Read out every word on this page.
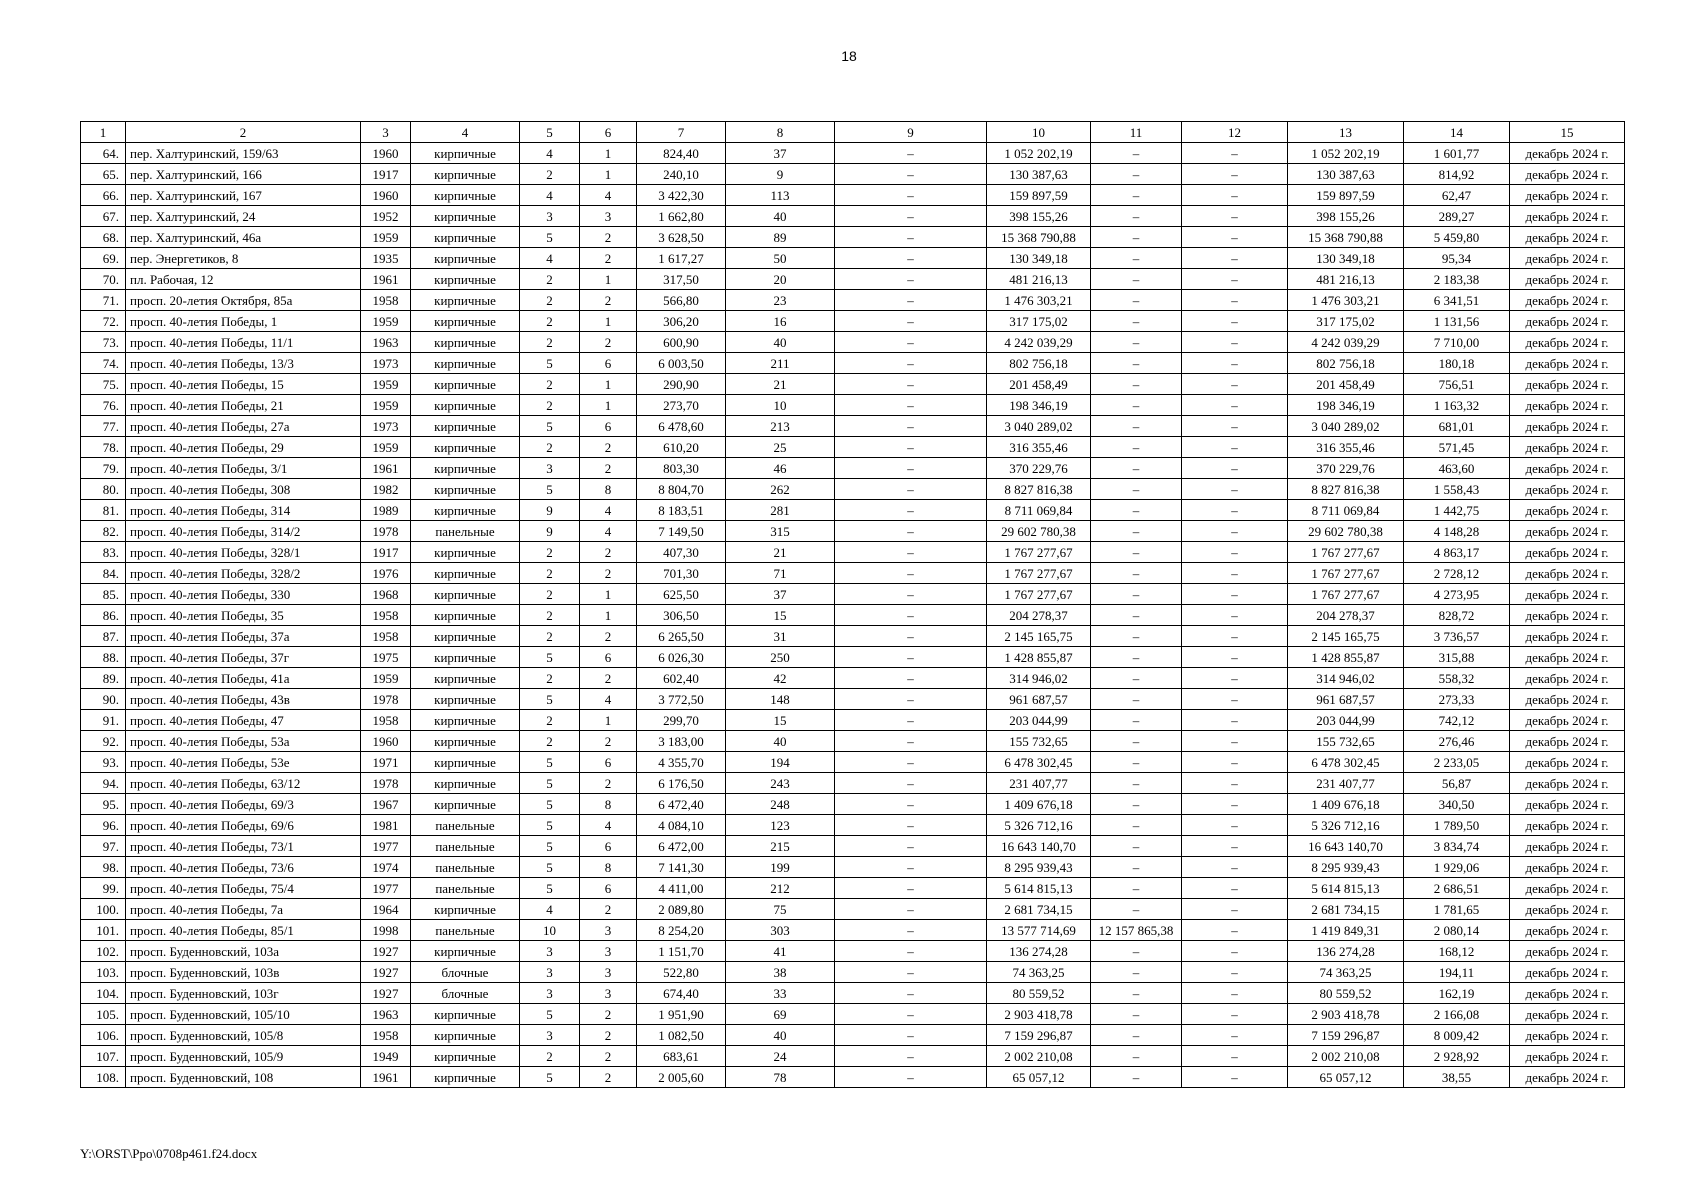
18
1	2	3	4	5	6	7	8	9	10	11	12	13	14	15
64.	пер. Халтуринский, 159/63	1960	кирпичные	4	1	824,40	37	–	1 052 202,19	–	–	1 052 202,19	1 601,77	декабрь 2024 г.
65.	пер. Халтуринский, 166	1917	кирпичные	2	1	240,10	9	–	130 387,63	–	–	130 387,63	814,92	декабрь 2024 г.
66.	пер. Халтуринский, 167	1960	кирпичные	4	4	3 422,30	113	–	159 897,59	–	–	159 897,59	62,47	декабрь 2024 г.
67.	пер. Халтуринский, 24	1952	кирпичные	3	3	1 662,80	40	–	398 155,26	–	–	398 155,26	289,27	декабрь 2024 г.
68.	пер. Халтуринский, 46а	1959	кирпичные	5	2	3 628,50	89	–	15 368 790,88	–	–	15 368 790,88	5 459,80	декабрь 2024 г.
69.	пер. Энергетиков, 8	1935	кирпичные	4	2	1 617,27	50	–	130 349,18	–	–	130 349,18	95,34	декабрь 2024 г.
70.	пл. Рабочая, 12	1961	кирпичные	2	1	317,50	20	–	481 216,13	–	–	481 216,13	2 183,38	декабрь 2024 г.
71.	просп. 20-летия Октября, 85а	1958	кирпичные	2	2	566,80	23	–	1 476 303,21	–	–	1 476 303,21	6 341,51	декабрь 2024 г.
72.	просп. 40-летия Победы, 1	1959	кирпичные	2	1	306,20	16	–	317 175,02	–	–	317 175,02	1 131,56	декабрь 2024 г.
73.	просп. 40-летия Победы, 11/1	1963	кирпичные	2	2	600,90	40	–	4 242 039,29	–	–	4 242 039,29	7 710,00	декабрь 2024 г.
74.	просп. 40-летия Победы, 13/3	1973	кирпичные	5	6	6 003,50	211	–	802 756,18	–	–	802 756,18	180,18	декабрь 2024 г.
75.	просп. 40-летия Победы, 15	1959	кирпичные	2	1	290,90	21	–	201 458,49	–	–	201 458,49	756,51	декабрь 2024 г.
76.	просп. 40-летия Победы, 21	1959	кирпичные	2	1	273,70	10	–	198 346,19	–	–	198 346,19	1 163,32	декабрь 2024 г.
77.	просп. 40-летия Победы, 27а	1973	кирпичные	5	6	6 478,60	213	–	3 040 289,02	–	–	3 040 289,02	681,01	декабрь 2024 г.
78.	просп. 40-летия Победы, 29	1959	кирпичные	2	2	610,20	25	–	316 355,46	–	–	316 355,46	571,45	декабрь 2024 г.
79.	просп. 40-летия Победы, 3/1	1961	кирпичные	3	2	803,30	46	–	370 229,76	–	–	370 229,76	463,60	декабрь 2024 г.
80.	просп. 40-летия Победы, 308	1982	кирпичные	5	8	8 804,70	262	–	8 827 816,38	–	–	8 827 816,38	1 558,43	декабрь 2024 г.
81.	просп. 40-летия Победы, 314	1989	кирпичные	9	4	8 183,51	281	–	8 711 069,84	–	–	8 711 069,84	1 442,75	декабрь 2024 г.
82.	просп. 40-летия Победы, 314/2	1978	панельные	9	4	7 149,50	315	–	29 602 780,38	–	–	29 602 780,38	4 148,28	декабрь 2024 г.
83.	просп. 40-летия Победы, 328/1	1917	кирпичные	2	2	407,30	21	–	1 767 277,67	–	–	1 767 277,67	4 863,17	декабрь 2024 г.
84.	просп. 40-летия Победы, 328/2	1976	кирпичные	2	2	701,30	71	–	1 767 277,67	–	–	1 767 277,67	2 728,12	декабрь 2024 г.
85.	просп. 40-летия Победы, 330	1968	кирпичные	2	1	625,50	37	–	1 767 277,67	–	–	1 767 277,67	4 273,95	декабрь 2024 г.
86.	просп. 40-летия Победы, 35	1958	кирпичные	2	1	306,50	15	–	204 278,37	–	–	204 278,37	828,72	декабрь 2024 г.
87.	просп. 40-летия Победы, 37а	1958	кирпичные	2	2	6 265,50	31	–	2 145 165,75	–	–	2 145 165,75	3 736,57	декабрь 2024 г.
88.	просп. 40-летия Победы, 37г	1975	кирпичные	5	6	6 026,30	250	–	1 428 855,87	–	–	1 428 855,87	315,88	декабрь 2024 г.
89.	просп. 40-летия Победы, 41а	1959	кирпичные	2	2	602,40	42	–	314 946,02	–	–	314 946,02	558,32	декабрь 2024 г.
90.	просп. 40-летия Победы, 43в	1978	кирпичные	5	4	3 772,50	148	–	961 687,57	–	–	961 687,57	273,33	декабрь 2024 г.
91.	просп. 40-летия Победы, 47	1958	кирпичные	2	1	299,70	15	–	203 044,99	–	–	203 044,99	742,12	декабрь 2024 г.
92.	просп. 40-летия Победы, 53а	1960	кирпичные	2	2	3 183,00	40	–	155 732,65	–	–	155 732,65	276,46	декабрь 2024 г.
93.	просп. 40-летия Победы, 53е	1971	кирпичные	5	6	4 355,70	194	–	6 478 302,45	–	–	6 478 302,45	2 233,05	декабрь 2024 г.
94.	просп. 40-летия Победы, 63/12	1978	кирпичные	5	2	6 176,50	243	–	231 407,77	–	–	231 407,77	56,87	декабрь 2024 г.
95.	просп. 40-летия Победы, 69/3	1967	кирпичные	5	8	6 472,40	248	–	1 409 676,18	–	–	1 409 676,18	340,50	декабрь 2024 г.
96.	просп. 40-летия Победы, 69/6	1981	панельные	5	4	4 084,10	123	–	5 326 712,16	–	–	5 326 712,16	1 789,50	декабрь 2024 г.
97.	просп. 40-летия Победы, 73/1	1977	панельные	5	6	6 472,00	215	–	16 643 140,70	–	–	16 643 140,70	3 834,74	декабрь 2024 г.
98.	просп. 40-летия Победы, 73/6	1974	панельные	5	8	7 141,30	199	–	8 295 939,43	–	–	8 295 939,43	1 929,06	декабрь 2024 г.
99.	просп. 40-летия Победы, 75/4	1977	панельные	5	6	4 411,00	212	–	5 614 815,13	–	–	5 614 815,13	2 686,51	декабрь 2024 г.
100.	просп. 40-летия Победы, 7а	1964	кирпичные	4	2	2 089,80	75	–	2 681 734,15	–	–	2 681 734,15	1 781,65	декабрь 2024 г.
101.	просп. 40-летия Победы, 85/1	1998	панельные	10	3	8 254,20	303	–	13 577 714,69	12 157 865,38	–	1 419 849,31	2 080,14	декабрь 2024 г.
102.	просп. Буденновский, 103а	1927	кирпичные	3	3	1 151,70	41	–	136 274,28	–	–	136 274,28	168,12	декабрь 2024 г.
103.	просп. Буденновский, 103в	1927	блочные	3	3	522,80	38	–	74 363,25	–	–	74 363,25	194,11	декабрь 2024 г.
104.	просп. Буденновский, 103г	1927	блочные	3	3	674,40	33	–	80 559,52	–	–	80 559,52	162,19	декабрь 2024 г.
105.	просп. Буденновский, 105/10	1963	кирпичные	5	2	1 951,90	69	–	2 903 418,78	–	–	2 903 418,78	2 166,08	декабрь 2024 г.
106.	просп. Буденновский, 105/8	1958	кирпичные	3	2	1 082,50	40	–	7 159 296,87	–	–	7 159 296,87	8 009,42	декабрь 2024 г.
107.	просп. Буденновский, 105/9	1949	кирпичные	2	2	683,61	24	–	2 002 210,08	–	–	2 002 210,08	2 928,92	декабрь 2024 г.
108.	просп. Буденновский, 108	1961	кирпичные	5	2	2 005,60	78	–	65 057,12	–	–	65 057,12	38,55	декабрь 2024 г.
Y:\ORST\Ppo\0708p461.f24.docx
